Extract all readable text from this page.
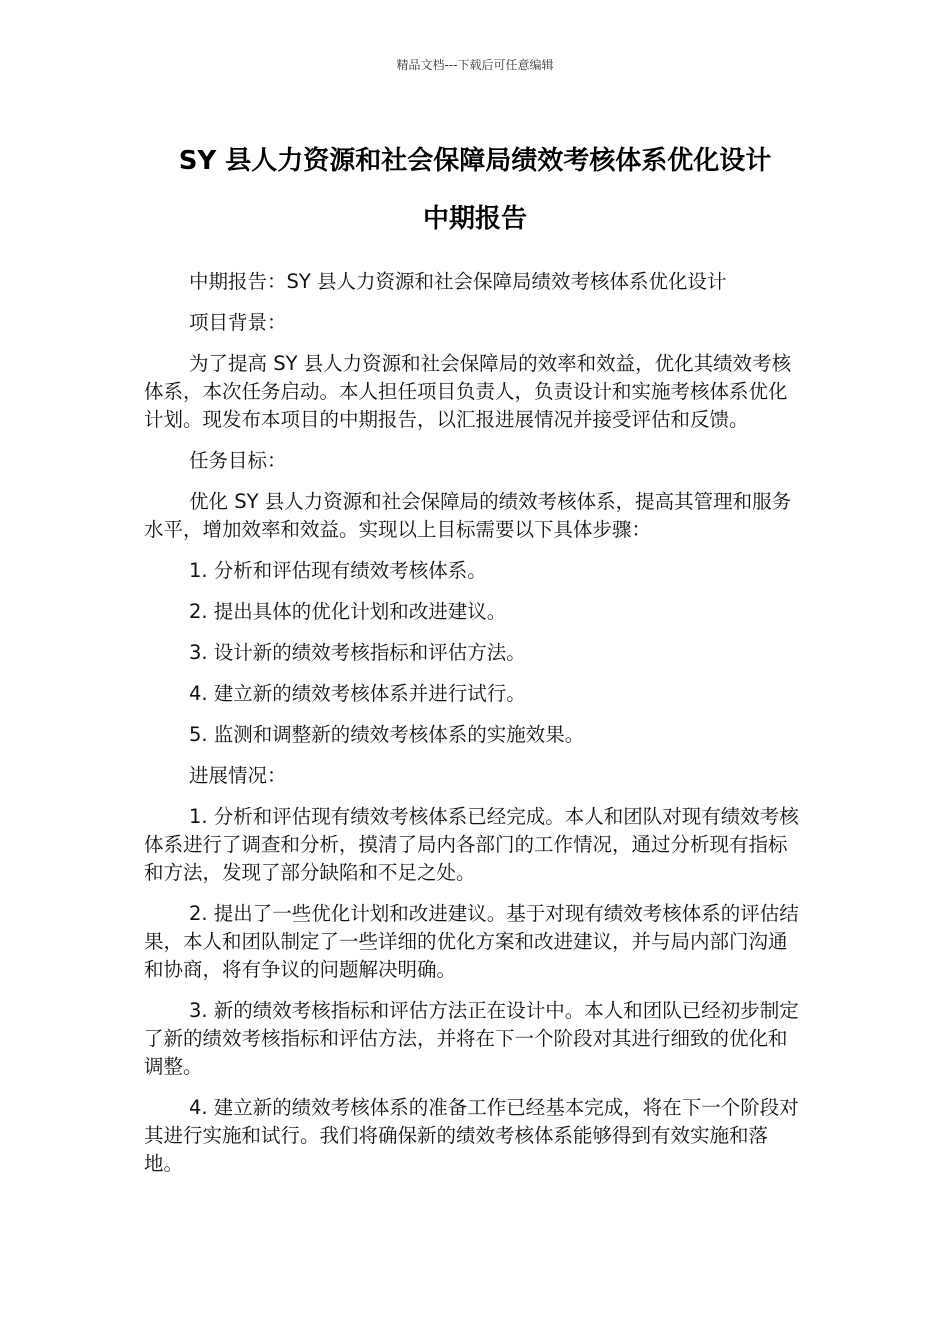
精品文档---下载后可任意编辑
SY 县人力资源和社会保障局绩效考核体系优化设计
中期报告

中期报告：SY 县人力资源和社会保障局绩效考核体系优化设计

项目背景：

为了提高 SY 县人力资源和社会保障局的效率和效益，优化其绩效考核体系，本次任务启动。本人担任项目负责人，负责设计和实施考核体系优化计划。现发布本项目的中期报告，以汇报进展情况并接受评估和反馈。

任务目标：

优化 SY 县人力资源和社会保障局的绩效考核体系，提高其管理和服务水平，增加效率和效益。实现以上目标需要以下具体步骤：

1. 分析和评估现有绩效考核体系。

2. 提出具体的优化计划和改进建议。

3. 设计新的绩效考核指标和评估方法。

4. 建立新的绩效考核体系并进行试行。

5. 监测和调整新的绩效考核体系的实施效果。

进展情况：

1. 分析和评估现有绩效考核体系已经完成。本人和团队对现有绩效考核体系进行了调查和分析，摸清了局内各部门的工作情况，通过分析现有指标和方法，发现了部分缺陷和不足之处。

2. 提出了一些优化计划和改进建议。基于对现有绩效考核体系的评估结果，本人和团队制定了一些详细的优化方案和改进建议，并与局内部门沟通和协商，将有争议的问题解决明确。

3. 新的绩效考核指标和评估方法正在设计中。本人和团队已经初步制定了新的绩效考核指标和评估方法，并将在下一个阶段对其进行细致的优化和调整。

4. 建立新的绩效考核体系的准备工作已经基本完成，将在下一个阶段对其进行实施和试行。我们将确保新的绩效考核体系能够得到有效实施和落地。
